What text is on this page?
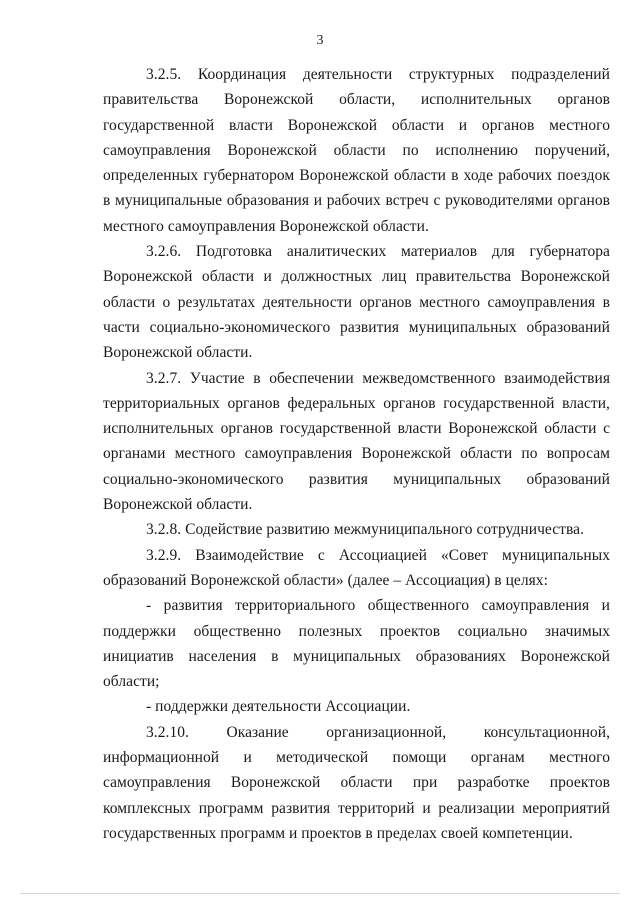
3

3.2.5. Координация деятельности структурных подразделений правительства Воронежской области, исполнительных органов государственной власти Воронежской области и органов местного самоуправления Воронежской области по исполнению поручений, определенных губернатором Воронежской области в ходе рабочих поездок в муниципальные образования и рабочих встреч с руководителями органов местного самоуправления Воронежской области.

3.2.6. Подготовка аналитических материалов для губернатора Воронежской области и должностных лиц правительства Воронежской области о результатах деятельности органов местного самоуправления в части социально-экономического развития муниципальных образований Воронежской области.

3.2.7. Участие в обеспечении межведомственного взаимодействия территориальных органов федеральных органов государственной власти, исполнительных органов государственной власти Воронежской области с органами местного самоуправления Воронежской области по вопросам социально-экономического развития муниципальных образований Воронежской области.

3.2.8. Содействие развитию межмуниципального сотрудничества.

3.2.9. Взаимодействие с Ассоциацией «Совет муниципальных образований Воронежской области» (далее – Ассоциация) в целях:

- развития территориального общественного самоуправления и поддержки общественно полезных проектов социально значимых инициатив населения в муниципальных образованиях Воронежской области;

- поддержки деятельности Ассоциации.

3.2.10. Оказание организационной, консультационной, информационной и методической помощи органам местного самоуправления Воронежской области при разработке проектов комплексных программ развития территорий и реализации мероприятий государственных программ и проектов в пределах своей компетенции.
